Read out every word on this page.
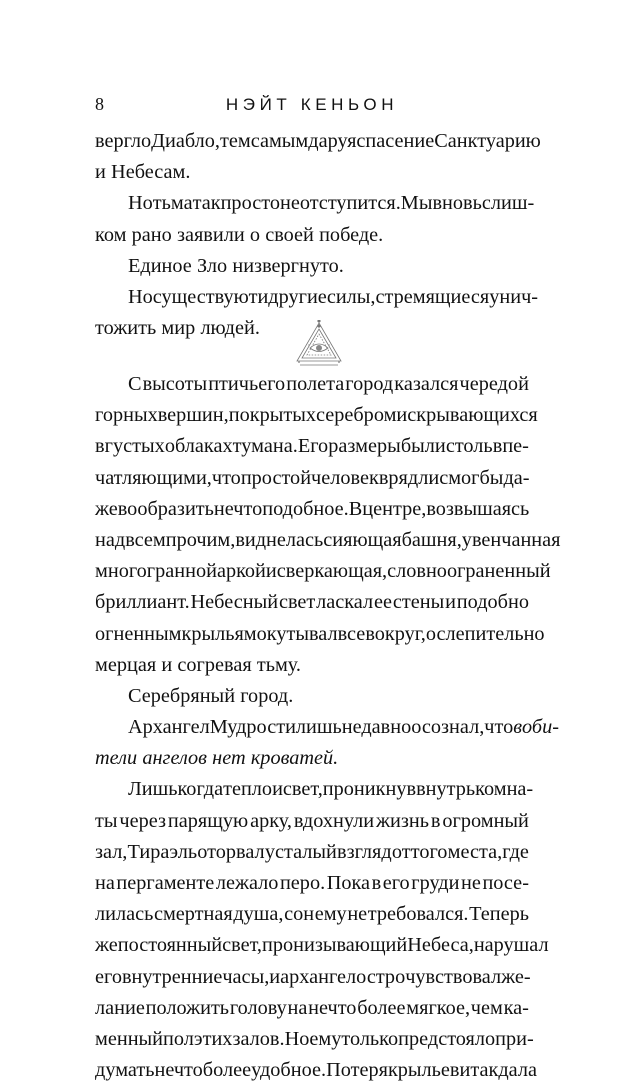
8	НЭЙТ КЕНЬОН
вергло Диабло, тем самым даруя спасение Санктуарию
и Небесам.
Но тьма так просто не отступится. Мы вновь слиш-
ком рано заявили о своей победе.
Единое Зло низвергнуто.
Но существуют и другие силы, стремящиеся унич-
тожить мир людей.
С высоты птичьего полета город казался чередой
горных вершин, покрытых серебром и скрывающихся
в густых облаках тумана. Его размеры были столь впе-
чатляющими, что простой человек вряд ли смог бы да-
же вообразить нечто подобное. В центре, возвышаясь
над всем прочим, виднелась сияющая башня, увенчанная
многогранной аркой и сверкающая, словно ограненный
бриллиант. Небесный свет ласкал ее стены и подобно
огненным крыльям окутывал все вокруг, ослепительно
мерцая и согревая тьму.
Серебряный город.
Архангел Мудрости лишь недавно осознал, что в оби-
тели ангелов нет кроватей.
Лишь когда тепло и свет, проникнув внутрь комна-
ты через парящую арку, вдохнули жизнь в огромный
зал, Тираэль оторвал усталый взгляд от того места, где
на пергаменте лежало перо. Пока в его груди не посе-
лилась смертная душа, сон ему не требовался. Теперь
же постоянный свет, пронизывающий Небеса, нарушал
его внутренние часы, и архангел остро чувствовал же-
лание положить голову на нечто более мягкое, чем ка-
менный пол этих залов. Но ему только предстояло при-
думать нечто более удобное. Потеря крыльев и так дала
